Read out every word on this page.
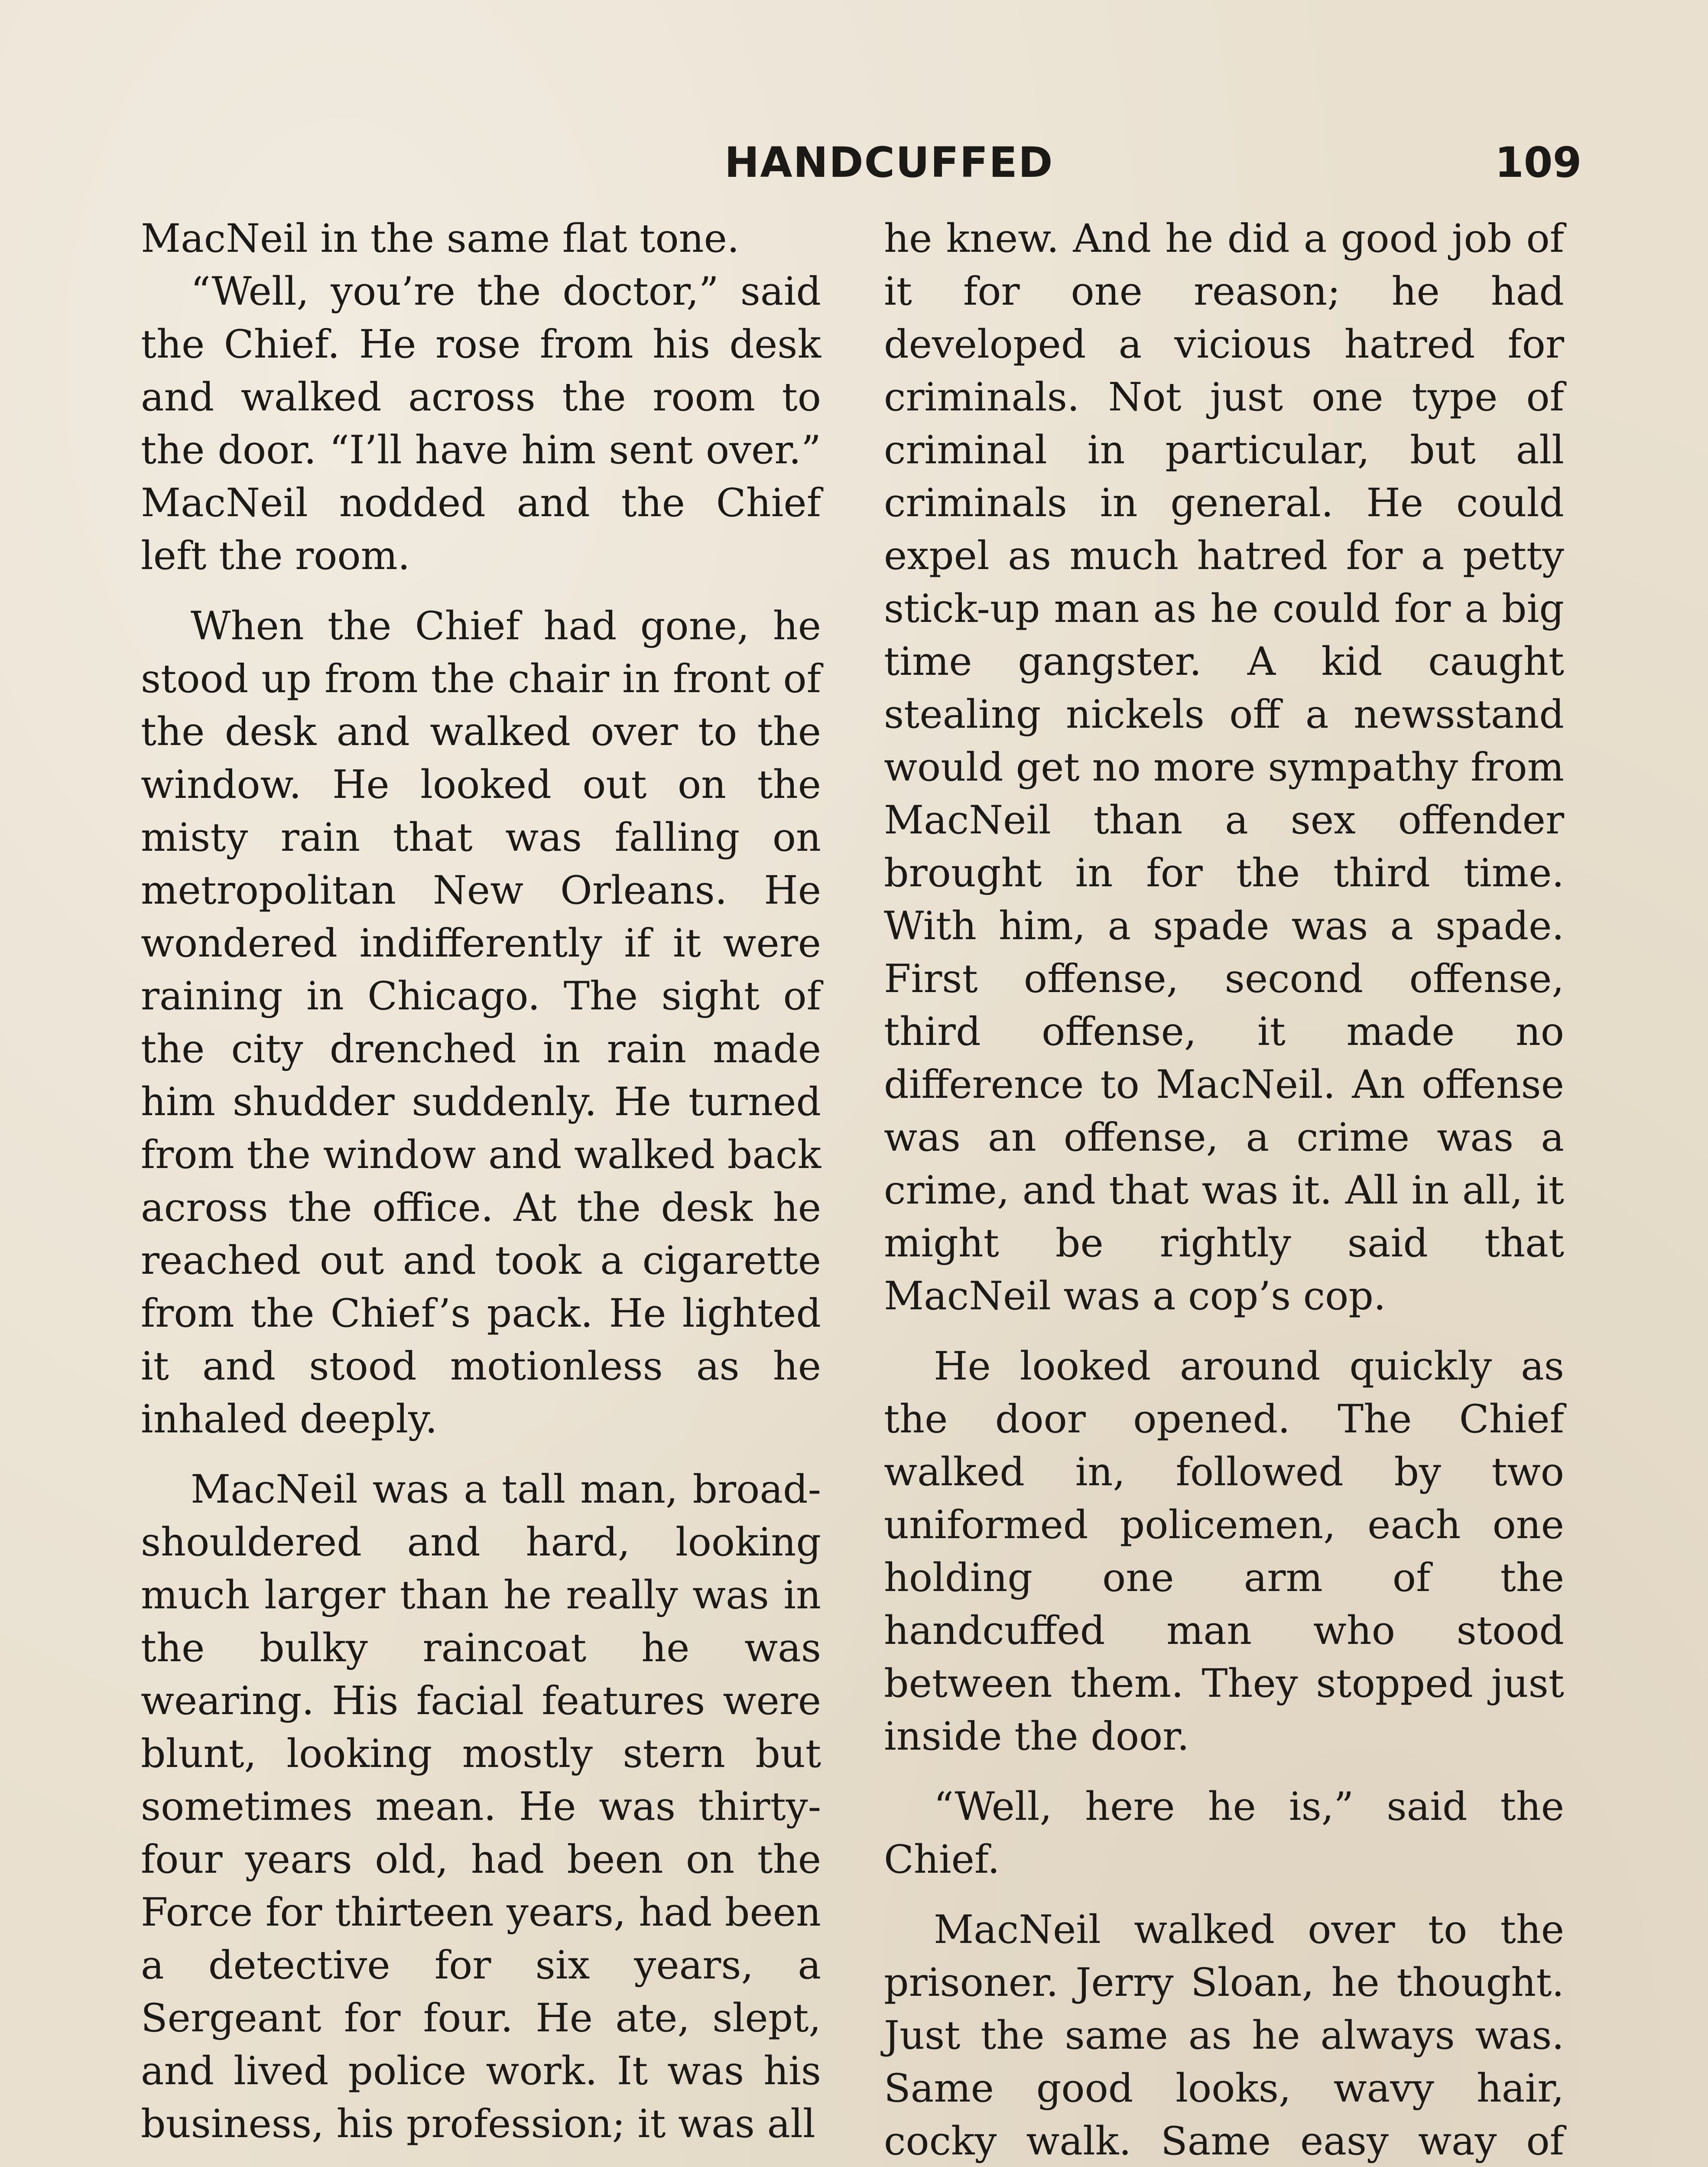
HANDCUFFED	109

MacNeil in the same flat tone.

“Well, you’re the doctor,” said the Chief. He rose from his desk and walked across the room to the door. “I’ll have him sent over.” MacNeil nodded and the Chief left the room.

When the Chief had gone, he stood up from the chair in front of the desk and walked over to the window. He looked out on the misty rain that was falling on metropolitan New Orleans. He wondered indifferently if it were raining in Chicago. The sight of the city drenched in rain made him shudder suddenly. He turned from the window and walked back across the office. At the desk he reached out and took a cigarette from the Chief’s pack. He lighted it and stood motionless as he inhaled deeply.

MacNeil was a tall man, broad-shouldered and hard, looking much larger than he really was in the bulky raincoat he was wearing. His facial features were blunt, looking mostly stern but sometimes mean. He was thirty-four years old, had been on the Force for thirteen years, had been a detective for six years, a Sergeant for four. He ate, slept, and lived police work. It was his business, his profession; it was all

he knew. And he did a good job of it for one reason; he had developed a vicious hatred for criminals. Not just one type of criminal in particular, but all criminals in general. He could expel as much hatred for a petty stick-up man as he could for a big time gangster. A kid caught stealing nickels off a newsstand would get no more sympathy from MacNeil than a sex offender brought in for the third time. With him, a spade was a spade. First offense, second offense, third offense, it made no difference to MacNeil. An offense was an offense, a crime was a crime, and that was it. All in all, it might be rightly said that MacNeil was a cop’s cop.

He looked around quickly as the door opened. The Chief walked in, followed by two uniformed policemen, each one holding one arm of the handcuffed man who stood between them. They stopped just inside the door.

“Well, here he is,” said the Chief.

MacNeil walked over to the prisoner. Jerry Sloan, he thought. Just the same as he always was. Same good looks, wavy hair, cocky walk. Same easy way of
